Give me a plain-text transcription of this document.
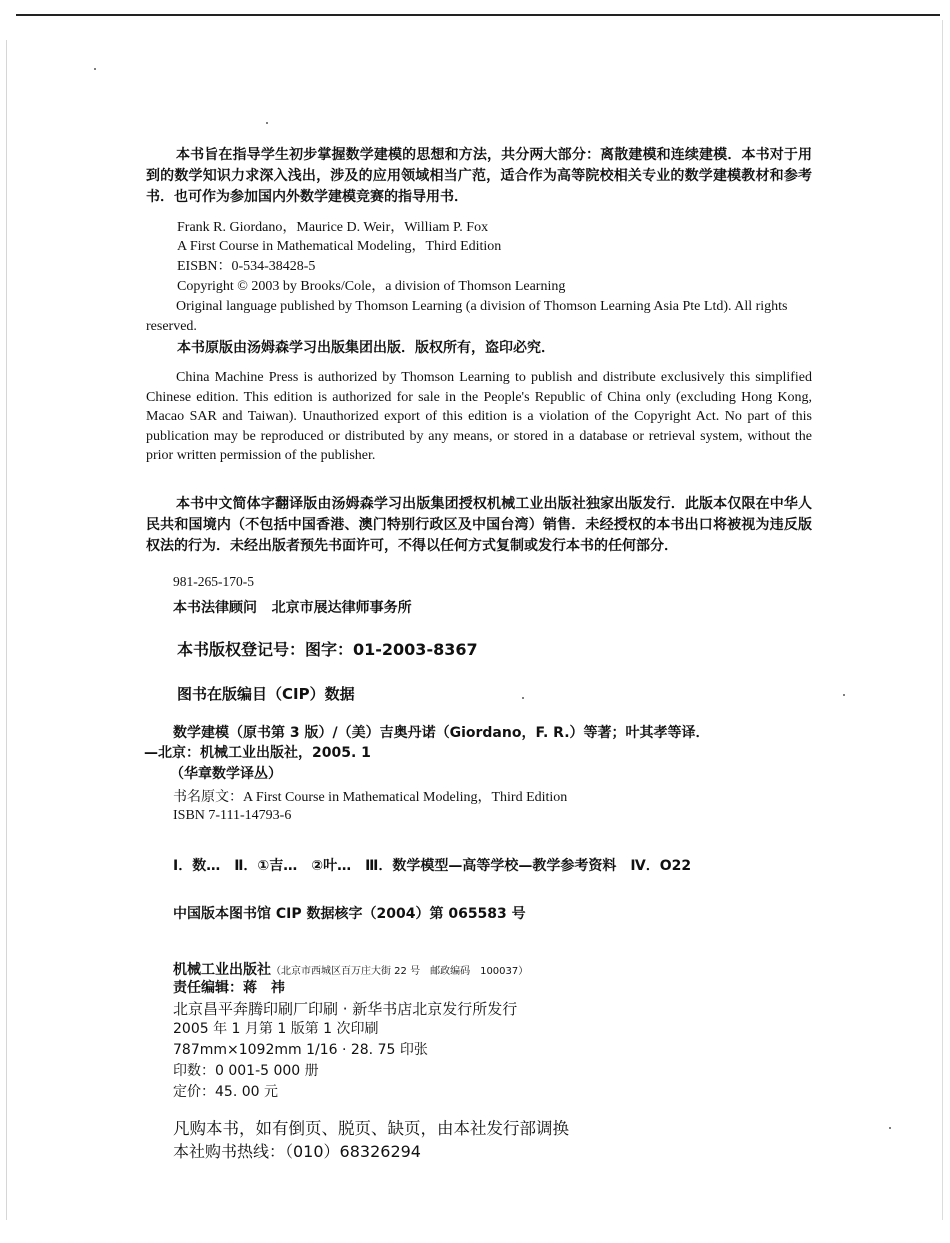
本书旨在指导学生初步掌握数学建模的思想和方法，共分两大部分：离散建模和连续建模．本书对于用到的数学知识力求深入浅出，涉及的应用领域相当广范，适合作为高等院校相关专业的数学建模教材和参考书．也可作为参加国内外数学建模竞赛的指导用书．

Frank R. Giordano，Maurice D. Weir，William P. Fox

A First Course in Mathematical Modeling，Third Edition

EISBN：0-534-38428-5

Copyright © 2003 by Brooks/Cole，a division of Thomson Learning

Original language published by Thomson Learning (a division of Thomson Learning Asia Pte Ltd). All rights reserved.

本书原版由汤姆森学习出版集团出版．版权所有，盗印必究．

China Machine Press is authorized by Thomson Learning to publish and distribute exclusively this simplified Chinese edition. This edition is authorized for sale in the People's Republic of China only (excluding Hong Kong, Macao SAR and Taiwan). Unauthorized export of this edition is a violation of the Copyright Act. No part of this publication may be reproduced or distributed by any means, or stored in a database or retrieval system, without the prior written permission of the publisher.

本书中文简体字翻译版由汤姆森学习出版集团授权机械工业出版社独家出版发行．此版本仅限在中华人民共和国境内（不包括中国香港、澳门特别行政区及中国台湾）销售．未经授权的本书出口将被视为违反版权法的行为．未经出版者预先书面许可，不得以任何方式复制或发行本书的任何部分．

981-265-170-5

本书法律顾问 北京市展达律师事务所

本书版权登记号：图字：01-2003-8367

图书在版编目（CIP）数据

数学建模（原书第 3 版）/（美）吉奥丹诺（Giordano，F. R.）等著；叶其孝等译．

—北京：机械工业出版社，2005. 1

（华章数学译丛）

书名原文：A First Course in Mathematical Modeling，Third Edition

ISBN 7-111-14793-6

Ⅰ．数…　Ⅱ．①吉…　②叶…　Ⅲ．数学模型—高等学校—教学参考资料　Ⅳ．O22

中国版本图书馆 CIP 数据核字（2004）第 065583 号

机械工业出版社（北京市西城区百万庄大街 22 号　邮政编码　100037）

责任编辑：蒋　祎

北京昌平奔腾印刷厂印刷 · 新华书店北京发行所发行

2005 年 1 月第 1 版第 1 次印刷

787mm×1092mm 1/16 · 28. 75 印张

印数：0 001-5 000 册

定价：45. 00 元

凡购本书，如有倒页、脱页、缺页，由本社发行部调换

本社购书热线：（010）68326294
